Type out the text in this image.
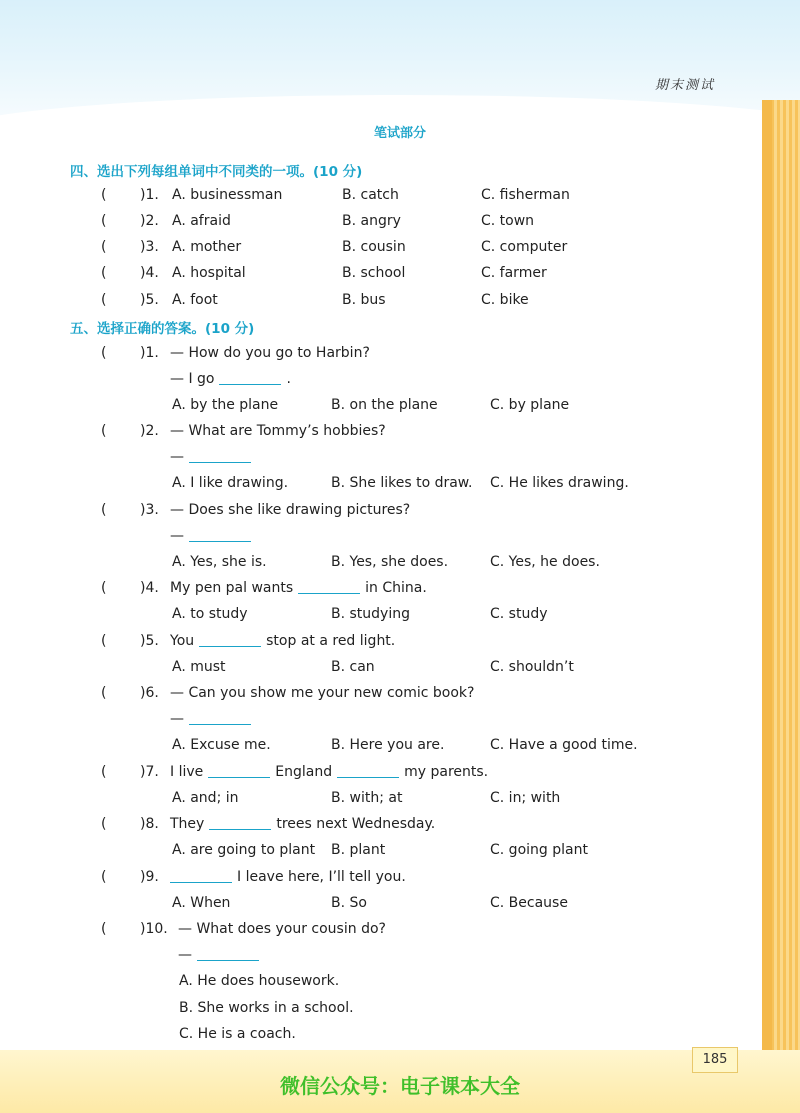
期末测试
笔试部分
四、选出下列每组单词中不同类的一项。(10 分)
( )1. A. businessman	B. catch	C. fisherman
( )2. A. afraid	B. angry	C. town
( )3. A. mother	B. cousin	C. computer
( )4. A. hospital	B. school	C. farmer
( )5. A. foot	B. bus	C. bike
五、选择正确的答案。(10 分)
( )1. — How do you go to Harbin?
— I go	.
A. by the plane	B. on the plane	C. by plane
( )2. — What are Tommy’s hobbies?
—
A. I like drawing.	B. She likes to draw. C. He likes drawing.
( )3. — Does she like drawing pictures?
—
A. Yes, she is.	B. Yes, she does.	C. Yes, he does.
( )4. My pen pal wants	in China.
A. to study	B. studying	C. study
( )5. You	stop at a red light.
A. must	B. can	C. shouldn’t
( )6. — Can you show me your new comic book?
—
A. Excuse me.	B. Here you are.	C. Have a good time.
( )7. I live	England	my parents.
A. and; in	B. with; at	C. in; with
( )8. They	trees next Wednesday.
A. are going to plant B. plant	C. going plant
( )9.	I leave here, I’ll tell you.
A. When	B. So	C. Because
( )10. — What does your cousin do?
—
A. He does housework.
B. She works in a school.
C. He is a coach.
185
微信公众号：电子课本大全
